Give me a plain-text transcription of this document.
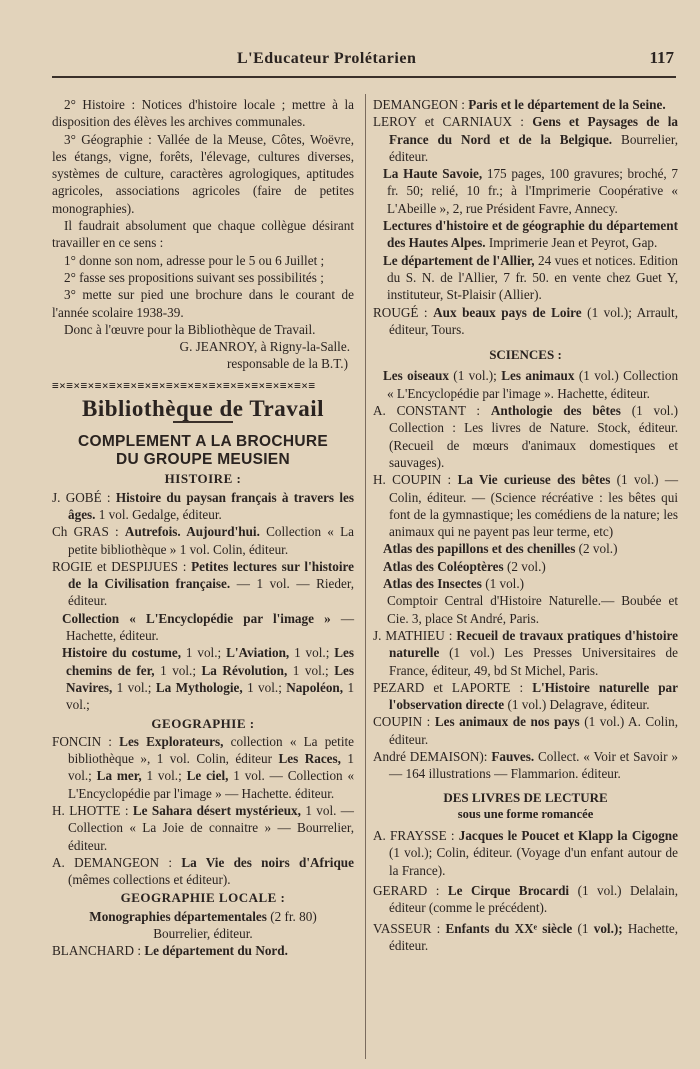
L'Educateur Prolétarien	117

2° Histoire : Notices d'histoire locale ; mettre à la disposition des élèves les archives communales.

3° Géographie : Vallée de la Meuse, Côtes, Woëvre, les étangs, vigne, forêts, l'élevage, cultures diverses, systèmes de culture, caractères agrologiques, aptitudes agricoles, associations agricoles (faire de petites monographies).

Il faudrait absolument que chaque collègue désirant travailler en ce sens :

1° donne son nom, adresse pour le 5 ou 6 Juillet ;

2° fasse ses propositions suivant ses possibilités ;

3° mette sur pied une brochure dans le courant de l'année scolaire 1938-39.

Donc à l'œuvre pour la Bibliothèque de Travail.

G. JEANROY, à Rigny-la-Salle.

responsable de la B.T.)

≡×≡×≡×≡×≡×≡×≡×≡×≡×≡×≡×≡×≡×≡×≡×≡×≡×≡×≡
Bibliothèque de Travail
COMPLEMENT A LA BROCHURE
DU GROUPE MEUSIEN
HISTOIRE :

J. GOBÉ : Histoire du paysan français à travers les âges. 1 vol. Gedalge, éditeur.

Ch GRAS : Autrefois. Aujourd'hui. Collection « La petite bibliothèque » 1 vol. Colin, éditeur.

ROGIE et DESPIJUES : Petites lectures sur l'histoire de la Civilisation française. — 1 vol. — Rieder, éditeur.

Collection « L'Encyclopédie par l'image » — Hachette, éditeur.

Histoire du costume, 1 vol.; L'Aviation, 1 vol.; Les chemins de fer, 1 vol.; La Révolution, 1 vol.; Les Navires, 1 vol.; La Mythologie, 1 vol.; Napoléon, 1 vol.;

GEOGRAPHIE :

FONCIN : Les Explorateurs, collection « La petite bibliothèque », 1 vol. Colin, éditeur Les Races, 1 vol.; La mer, 1 vol.; Le ciel, 1 vol. — Collection « L'Encyclopédie par l'image » — Hachette. éditeur.

H. LHOTTE : Le Sahara désert mystérieux, 1 vol. — Collection « La Joie de connaitre » — Bourrelier, éditeur.

A. DEMANGEON : La Vie des noirs d'Afrique (mêmes collections et éditeur).

GEOGRAPHIE LOCALE :

Monographies départementales (2 fr. 80)

Bourrelier, éditeur.

BLANCHARD : Le département du Nord.

DEMANGEON : Paris et le département de la Seine.

LEROY et CARNIAUX : Gens et Paysages de la France du Nord et de la Belgique. Bourrelier, éditeur.

La Haute Savoie, 175 pages, 100 gravures; broché, 7 fr. 50; relié, 10 fr.; à l'Imprimerie Coopérative « L'Abeille », 2, rue Président Favre, Annecy.

Lectures d'histoire et de géographie du département des Hautes Alpes. Imprimerie Jean et Peyrot, Gap.

Le département de l'Allier, 24 vues et notices. Edition du S. N. de l'Allier, 7 fr. 50. en vente chez Guet Y, instituteur, St-Plaisir (Allier).

ROUGÉ : Aux beaux pays de Loire (1 vol.); Arrault, éditeur, Tours.

SCIENCES :

Les oiseaux (1 vol.); Les animaux (1 vol.) Collection « L'Encyclopédie par l'image ». Hachette, éditeur.

A. CONSTANT : Anthologie des bêtes (1 vol.) Collection : Les livres de Nature. Stock, éditeur. (Recueil de mœurs d'animaux domestiques et sauvages).

H. COUPIN : La Vie curieuse des bêtes (1 vol.) — Colin, éditeur. — (Science récréative : les bêtes qui font de la gymnastique; les comédiens de la nature; les animaux qui ne payent pas leur terme, etc)

Atlas des papillons et des chenilles (2 vol.)

Atlas des Coléoptères (2 vol.)

Atlas des Insectes (1 vol.)

Comptoir Central d'Histoire Naturelle.— Boubée et Cie. 3, place St André, Paris.

J. MATHIEU : Recueil de travaux pratiques d'histoire naturelle (1 vol.) Les Presses Universitaires de France, éditeur, 49, bd St Michel, Paris.

PEZARD et LAPORTE : L'Histoire naturelle par l'observation directe (1 vol.) Delagrave, éditeur.

COUPIN : Les animaux de nos pays (1 vol.) A. Colin, éditeur.

André DEMAISON): Fauves. Collect. « Voir et Savoir » — 164 illustrations — Flammarion. éditeur.

DES LIVRES DE LECTURE
sous une forme romancée

A. FRAYSSE : Jacques le Poucet et Klapp la Cigogne (1 vol.); Colin, éditeur. (Voyage d'un enfant autour de la France).

GERARD : Le Cirque Brocardi (1 vol.) Delalain, éditeur (comme le précédent).

VASSEUR : Enfants du XXᵉ siècle (1 vol.); Hachette, éditeur.
